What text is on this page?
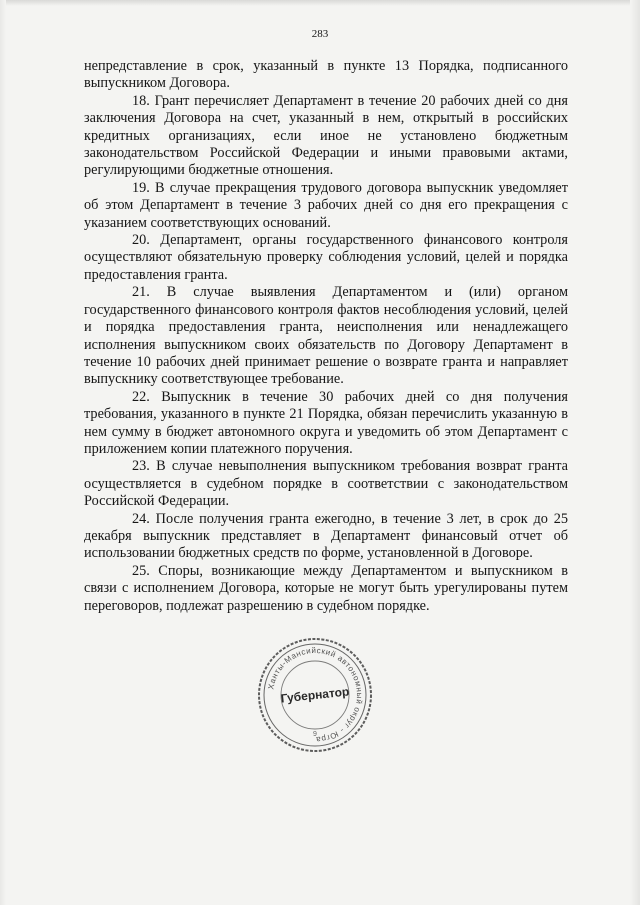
283

непредставление в срок, указанный в пункте 13 Порядка, подписанного выпускником Договора.

18. Грант перечисляет Департамент в течение 20 рабочих дней со дня заключения Договора на счет, указанный в нем, открытый в российских кредитных организациях, если иное не установлено бюджетным законодательством Российской Федерации и иными правовыми актами, регулирующими бюджетные отношения.

19. В случае прекращения трудового договора выпускник уведомляет об этом Департамент в течение 3 рабочих дней со дня его прекращения с указанием соответствующих оснований.

20. Департамент, органы государственного финансового контроля осуществляют обязательную проверку соблюдения условий, целей и порядка предоставления гранта.

21. В случае выявления Департаментом и (или) органом государственного финансового контроля фактов несоблюдения условий, целей и порядка предоставления гранта, неисполнения или ненадлежащего исполнения выпускником своих обязательств по Договору Департамент в течение 10 рабочих дней принимает решение о возврате гранта и направляет выпускнику соответствующее требование.

22. Выпускник в течение 30 рабочих дней со дня получения требования, указанного в пункте 21 Порядка, обязан перечислить указанную в нем сумму в бюджет автономного округа и уведомить об этом Департамент с приложением копии платежного поручения.

23. В случае невыполнения выпускником требования возврат гранта осуществляется в судебном порядке в соответствии с законодательством Российской Федерации.

24. После получения гранта ежегодно, в течение 3 лет, в срок до 25 декабря выпускник представляет в Департамент финансовый отчет об использовании бюджетных средств по форме, установленной в Договоре.

25. Споры, возникающие между Департаментом и выпускником в связи с исполнением Договора, которые не могут быть урегулированы путем переговоров, подлежат разрешению в судебном порядке.

Ханты-Мансийский автономный округ - Югра
Губернатор
9
